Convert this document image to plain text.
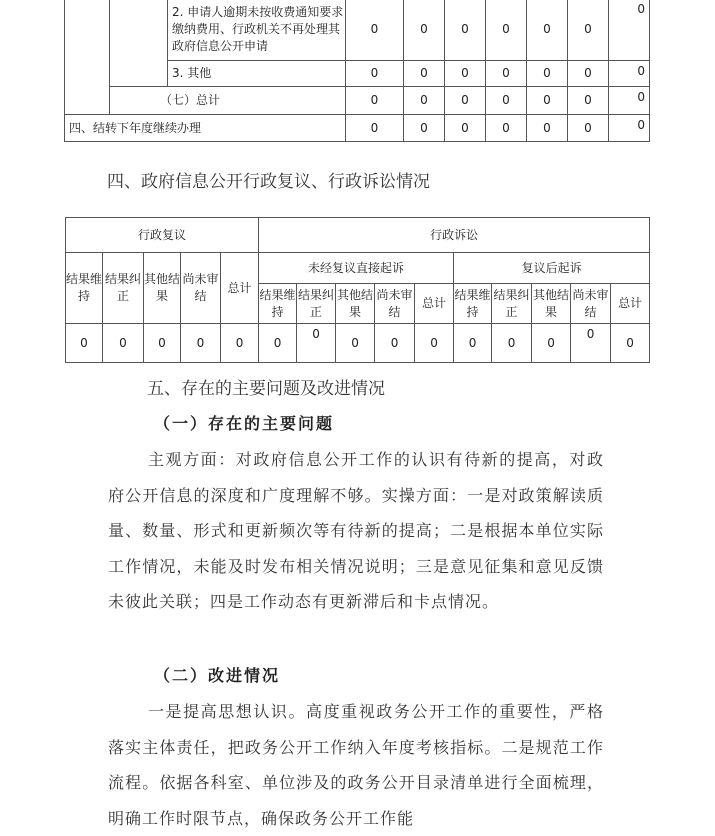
		2. 申请人逾期未按收费通知要求缴纳费用、行政机关不再处理其政府信息公开申请	0	0	0	0	0	0	0
		3. 其他	0	0	0	0	0	0	0
	（七）总计		0	0	0	0	0	0	0
四、结转下年度继续办理			0	0	0	0	0	0	0
四、政府信息公开行政复议、行政诉讼情况
行政复议					行政诉讼									
结果维持	结果纠正	其他结果	尚未审结	总计	未经复议直接起诉					复议后起诉				
					结果维持	结果纠正	其他结果	尚未审结	总计	结果维持	结果纠正	其他结果	尚未审结	总计
0	0	0	0	0	0	0	0	0	0	0	0	0	0	0
五、存在的主要问题及改进情况
（一）存在的主要问题

主观方面：对政府信息公开工作的认识有待新的提高，对政府公开信息的深度和广度理解不够。实操方面：一是对政策解读质量、数量、形式和更新频次等有待新的提高；二是根据本单位实际工作情况，未能及时发布相关情况说明；三是意见征集和意见反馈未彼此关联；四是工作动态有更新滞后和卡点情况。

（二）改进情况

一是提高思想认识。高度重视政务公开工作的重要性，严格落实主体责任，把政务公开工作纳入年度考核指标。二是规范工作流程。依据各科室、单位涉及的政务公开目录清单进行全面梳理，明确工作时限节点，确保政务公开工作能
